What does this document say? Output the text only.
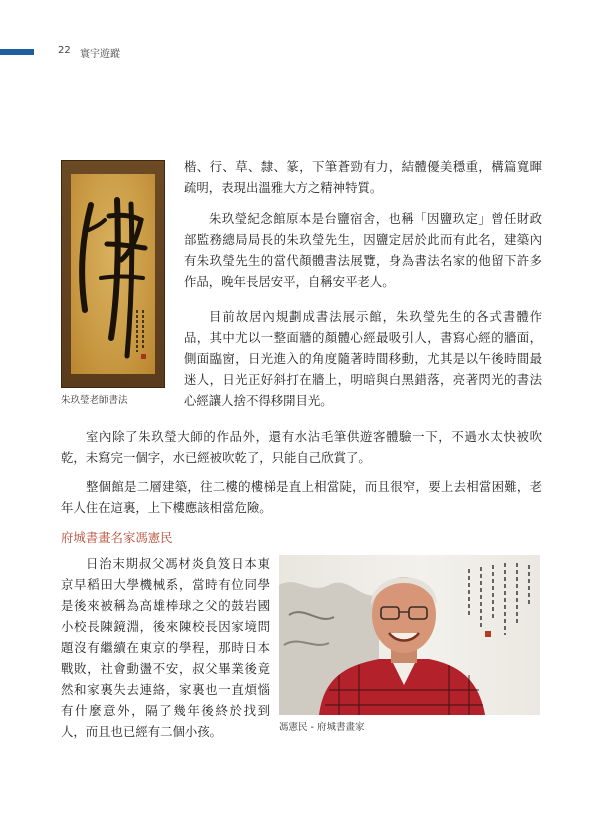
22 寰宇遊蹤
朱玖瑩老師書法

楷、行、草、隸、篆，下筆蒼勁有力，結體優美穩重，構篇寬暉疏明，表現出溫雅大方之精神特質。

朱玖瑩紀念館原本是台鹽宿舍，也稱「因鹽玖定」曾任財政部監務總局局長的朱玖瑩先生，因鹽定居於此而有此名，建築內有朱玖瑩先生的當代顏體書法展覽，身為書法名家的他留下許多作品，晚年長居安平，自稱安平老人。

目前故居內規劃成書法展示館，朱玖瑩先生的各式書體作品，其中尤以一整面牆的顏體心經最吸引人，書寫心經的牆面，側面臨窗，日光進入的角度隨著時間移動，尤其是以午後時間最迷人，日光正好斜打在牆上，明暗與白黑錯落，亮著閃光的書法心經讓人捨不得移開目光。

室內除了朱玖瑩大師的作品外，還有水沾毛筆供遊客體驗一下，不過水太快被吹乾，未寫完一個字，水已經被吹乾了，只能自己欣賞了。

整個館是二層建築，往二樓的樓梯是直上相當陡，而且很窄，要上去相當困難，老年人住在這裏，上下樓應該相當危險。

府城書畫名家馮憲民

日治末期叔父馮材炎負笈日本東京早稻田大學機械系，當時有位同學是後來被稱為高雄棒球之父的鼓岩國小校長陳鏡淵，後來陳校長因家境問題沒有繼續在東京的學程，那時日本戰敗，社會動盪不安，叔父畢業後竟然和家裏失去連絡，家裏也一直煩惱有什麼意外，隔了幾年後終於找到人，而且也已經有二個小孩。	馮憲民 - 府城書畫家
